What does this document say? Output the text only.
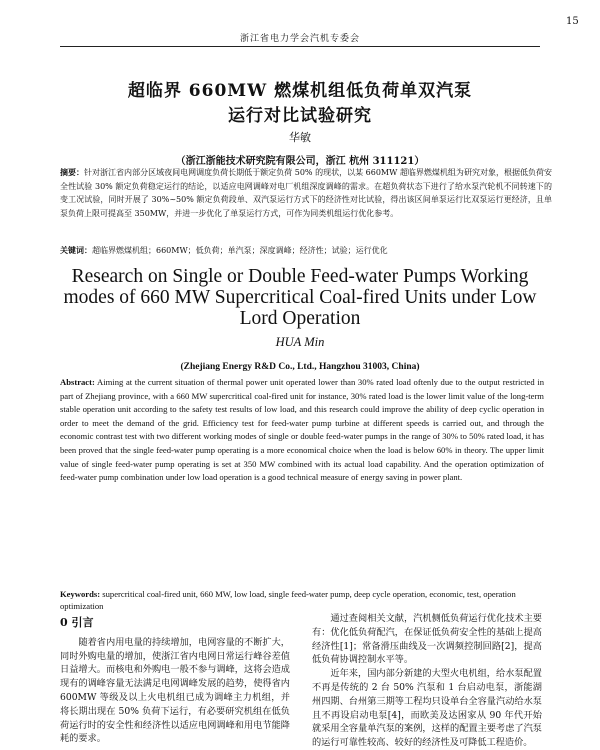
15
浙江省电力学会汽机专委会
超临界 660MW 燃煤机组低负荷单双汽泵
运行对比试验研究
华敏
（浙江浙能技术研究院有限公司，浙江 杭州 311121）
摘要：针对浙江省内部分区域夜间电网调度负荷长期低于额定负荷 50% 的现状，以某 660MW 超临界燃煤机组为研究对象，根据低负荷安全性试验 30% 额定负荷稳定运行的结论，以适应电网调峰对电厂机组深度调峰的需求。在超负荷状态下进行了给水泵汽轮机不同转速下的变工况试验，同时开展了 30%~50% 额定负荷段单、双汽泵运行方式下的经济性对比试验，得出该区间单泵运行比双泵运行更经济，且单泵负荷上限可提高至 350MW，并进一步优化了单泵运行方式，可作为同类机组运行优化参考。
关键词：超临界燃煤机组；660MW；低负荷；单汽泵；深度调峰；经济性；试验；运行优化
Research on Single or Double Feed-water Pumps Working modes of 660 MW Supercritical Coal-fired Units under Low Lord Operation
HUA Min
(Zhejiang Energy R&D Co., Ltd., Hangzhou 31003, China)
Abstract: Aiming at the current situation of thermal power unit operated lower than 30% rated load oftenly due to the output restricted in part of Zhejiang province, with a 660 MW supercritical coal-fired unit for instance, 30% rated load is the lower limit value of the long-term stable operation unit according to the safety test results of low load, and this research could improve the ability of deep cyclic operation in order to meet the demand of the grid. Efficiency test for feed-water pump turbine at different speeds is carried out, and through the economic contrast test with two different working modes of single or double feed-water pumps in the range of 30% to 50% rated load, it has been proved that the single feed-water pump operating is a more economical choice when the load is below 60% in theory. The upper limit value of single feed-water pump operating is set at 350 MW combined with its actual load capability. And the operation optimization of feed-water pump combination under low load operation is a good technical measure of energy saving in power plant.
Keywords: supercritical coal-fired unit, 660 MW, low load, single feed-water pump, deep cycle operation, economic, test, operation optimization
0 引言

随着省内用电量的持续增加，电网容量的不断扩大，同时外购电量的增加，使浙江省内电网日常运行峰谷差值日益增大。而核电和外购电一般不参与调峰，这将会造成现有的调峰容量无法满足电网调峰发展的趋势，使得省内 600MW 等级及以上火电机组已成为调峰主力机组，并将长期出现在 50% 负荷下运行，有必要研究机组在低负荷运行时的安全性和经济性以适应电网调峰和用电节能降耗的要求。

通过查阅相关文献，汽机侧低负荷运行优化技术主要有：优化低负荷配汽，在保证低负荷安全性的基础上提高经济性[1]；常备滑压曲线及一次调频控制回路[2]，提高低负荷协调控制水平等。

近年来，国内部分新建的大型火电机组，给水泵配置不再是传统的 2 台 50% 汽泵和 1 台启动电泵，浙能湖州四期、台州第三期等工程均只设单台全容量汽动给水泵且不再设启动电泵[4]，而欧美及达困家从 90 年代开始就采用全容量单汽泵的案例，这样的配置主要考虑了汽泵的运行可靠性较高、较好的经济性及可降低工程造价。
